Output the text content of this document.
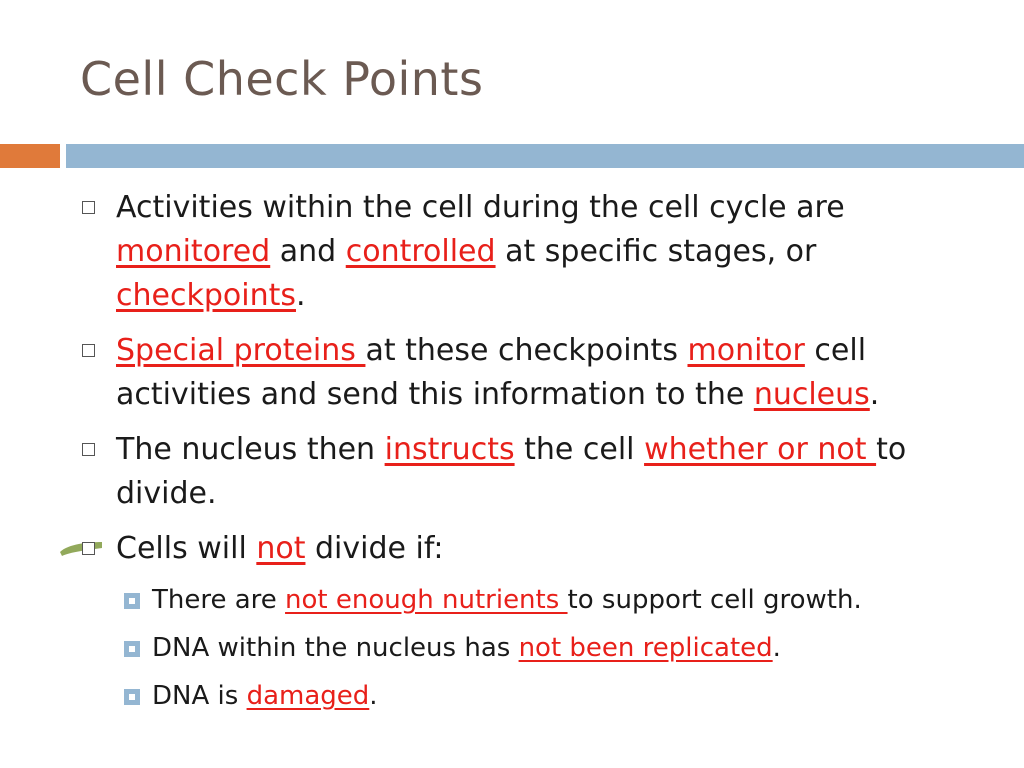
Cell Check Points
Activities within the cell during the cell cycle are monitored and controlled at specific stages, or checkpoints.
Special proteins at these checkpoints monitor cell activities and send this information to the nucleus.
The nucleus then instructs the cell whether or not to divide.
Cells will not divide if:
There are not enough nutrients to support cell growth.
DNA within the nucleus has not been replicated.
DNA is damaged.
